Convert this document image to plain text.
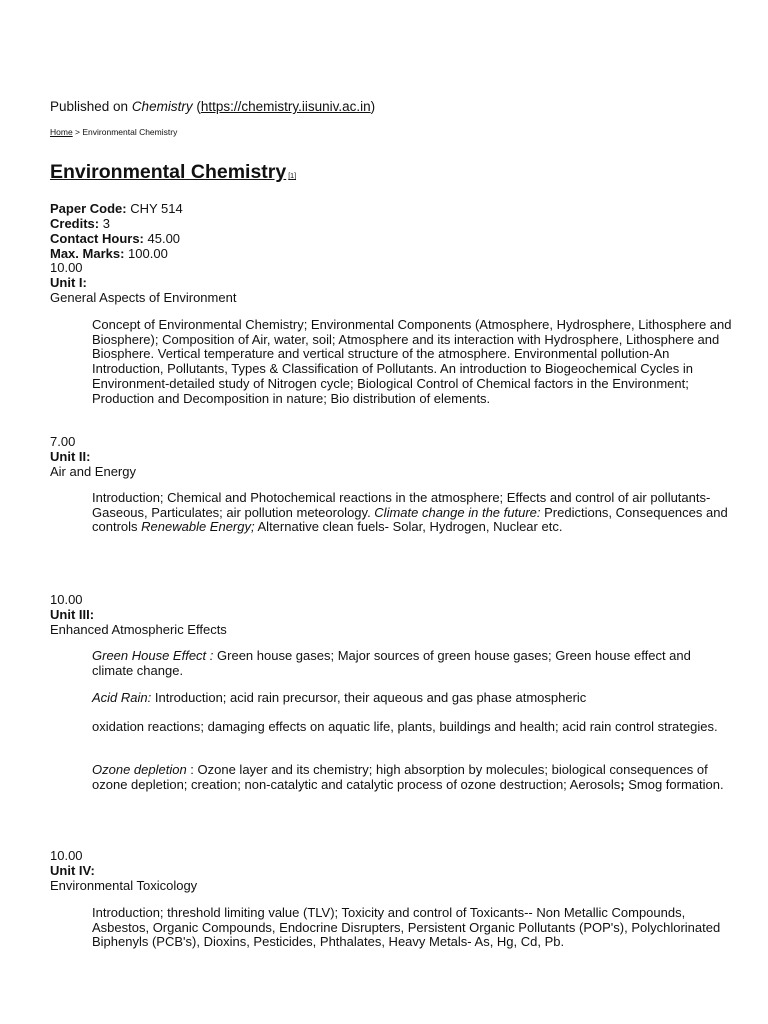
Published on Chemistry (https://chemistry.iisuniv.ac.in)
Home > Environmental Chemistry
Environmental Chemistry [1]
Paper Code: CHY 514
Credits: 3
Contact Hours: 45.00
Max. Marks: 100.00
10.00
Unit I:
General Aspects of Environment

Concept of Environmental Chemistry; Environmental Components (Atmosphere, Hydrosphere, Lithosphere and Biosphere); Composition of Air, water, soil; Atmosphere and its interaction with Hydrosphere, Lithosphere and Biosphere. Vertical temperature and vertical structure of the atmosphere. Environmental pollution-An Introduction, Pollutants, Types & Classification of Pollutants. An introduction to Biogeochemical Cycles in Environment-detailed study of Nitrogen cycle; Biological Control of Chemical factors in the Environment; Production and Decomposition in nature; Bio distribution of elements.

7.00
Unit II:
Air and Energy

Introduction; Chemical and Photochemical reactions in the atmosphere; Effects and control of air pollutants-Gaseous, Particulates; air pollution meteorology. Climate change in the future: Predictions, Consequences and controls Renewable Energy; Alternative clean fuels- Solar, Hydrogen, Nuclear etc.

10.00
Unit III:
Enhanced Atmospheric Effects

Green House Effect : Green house gases; Major sources of green house gases; Green house effect and climate change.

Acid Rain: Introduction; acid rain precursor, their aqueous and gas phase atmospheric

oxidation reactions; damaging effects on aquatic life, plants, buildings and health; acid rain control strategies.

Ozone depletion : Ozone layer and its chemistry; high absorption by molecules; biological consequences of ozone depletion; creation; non-catalytic and catalytic process of ozone destruction; Aerosols; Smog formation.

10.00
Unit IV:
Environmental Toxicology

Introduction; threshold limiting value (TLV); Toxicity and control of Toxicants-- Non Metallic Compounds, Asbestos, Organic Compounds, Endocrine Disrupters, Persistent Organic Pollutants (POP's), Polychlorinated Biphenyls (PCB's), Dioxins, Pesticides, Phthalates, Heavy Metals- As, Hg, Cd, Pb.
